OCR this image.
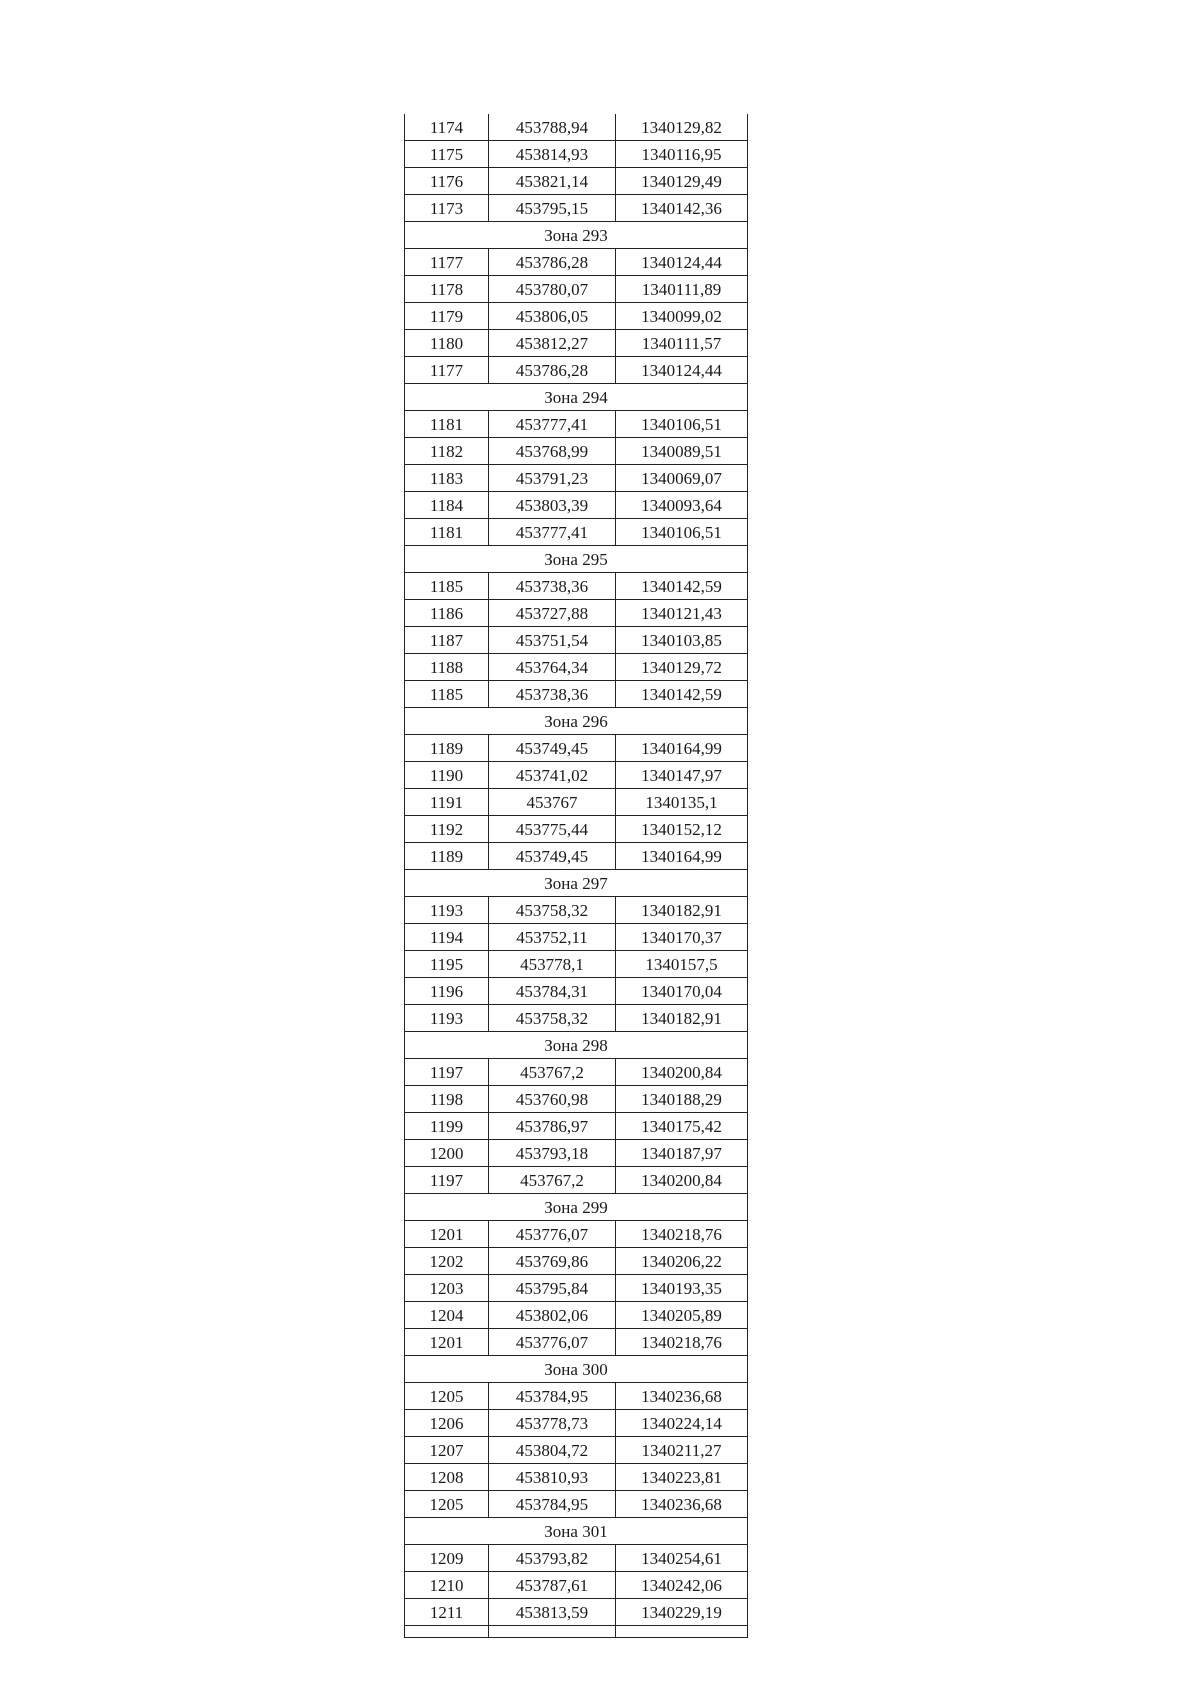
1174	453788,94	1340129,82
1175	453814,93	1340116,95
1176	453821,14	1340129,49
1173	453795,15	1340142,36
Зона 293		
1177	453786,28	1340124,44
1178	453780,07	1340111,89
1179	453806,05	1340099,02
1180	453812,27	1340111,57
1177	453786,28	1340124,44
Зона 294		
1181	453777,41	1340106,51
1182	453768,99	1340089,51
1183	453791,23	1340069,07
1184	453803,39	1340093,64
1181	453777,41	1340106,51
Зона 295		
1185	453738,36	1340142,59
1186	453727,88	1340121,43
1187	453751,54	1340103,85
1188	453764,34	1340129,72
1185	453738,36	1340142,59
Зона 296		
1189	453749,45	1340164,99
1190	453741,02	1340147,97
1191	453767	1340135,1
1192	453775,44	1340152,12
1189	453749,45	1340164,99
Зона 297		
1193	453758,32	1340182,91
1194	453752,11	1340170,37
1195	453778,1	1340157,5
1196	453784,31	1340170,04
1193	453758,32	1340182,91
Зона 298		
1197	453767,2	1340200,84
1198	453760,98	1340188,29
1199	453786,97	1340175,42
1200	453793,18	1340187,97
1197	453767,2	1340200,84
Зона 299		
1201	453776,07	1340218,76
1202	453769,86	1340206,22
1203	453795,84	1340193,35
1204	453802,06	1340205,89
1201	453776,07	1340218,76
Зона 300		
1205	453784,95	1340236,68
1206	453778,73	1340224,14
1207	453804,72	1340211,27
1208	453810,93	1340223,81
1205	453784,95	1340236,68
Зона 301		
1209	453793,82	1340254,61
1210	453787,61	1340242,06
1211	453813,59	1340229,19
